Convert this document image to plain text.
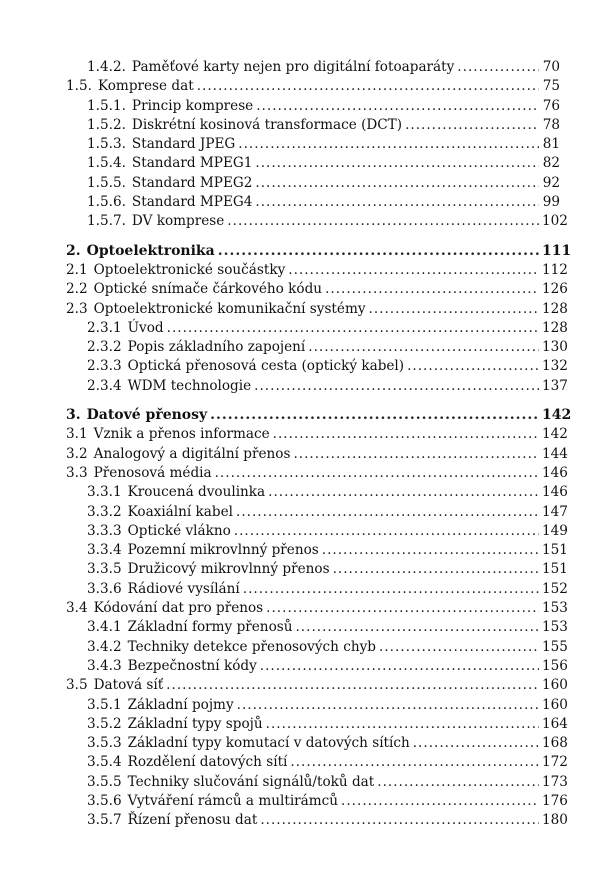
1.4.2. Paměťové karty nejen pro digitální fotoaparáty .....	70
1.5. Komprese dat .....	75
1.5.1. Princip komprese .....	76
1.5.2. Diskrétní kosinová transformace (DCT) .....	78
1.5.3. Standard JPEG .....	81
1.5.4. Standard MPEG1 .....	82
1.5.5. Standard MPEG2 .....	92
1.5.6. Standard MPEG4 .....	99
1.5.7. DV komprese .....	102
2. Optoelektronika .....	111
2.1 Optoelektronické součástky .....	112
2.2 Optické snímače čárkového kódu .....	126
2.3 Optoelektronické komunikační systémy .....	128
2.3.1 Úvod .....	128
2.3.2 Popis základního zapojení .....	130
2.3.3 Optická přenosová cesta (optický kabel) .....	132
2.3.4 WDM technologie .....	137
3. Datové přenosy .....	142
3.1 Vznik a přenos informace .....	142
3.2 Analogový a digitální přenos .....	144
3.3 Přenosová média .....	146
3.3.1 Kroucená dvoulinka .....	146
3.3.2 Koaxiální kabel .....	147
3.3.3 Optické vlákno .....	149
3.3.4 Pozemní mikrovlnný přenos .....	151
3.3.5 Družicový mikrovlnný přenos .....	151
3.3.6 Rádiové vysílání .....	152
3.4 Kódování dat pro přenos .....	153
3.4.1 Základní formy přenosů .....	153
3.4.2 Techniky detekce přenosových chyb .....	155
3.4.3 Bezpečnostní kódy .....	156
3.5 Datová síť .....	160
3.5.1 Základní pojmy .....	160
3.5.2 Základní typy spojů .....	164
3.5.3 Základní typy komutací v datových sítích .....	168
3.5.4 Rozdělení datových sítí .....	172
3.5.5 Techniky slučování signálů/toků dat .....	173
3.5.6 Vytváření rámců a multirámců .....	176
3.5.7 Řízení přenosu dat .....	180
